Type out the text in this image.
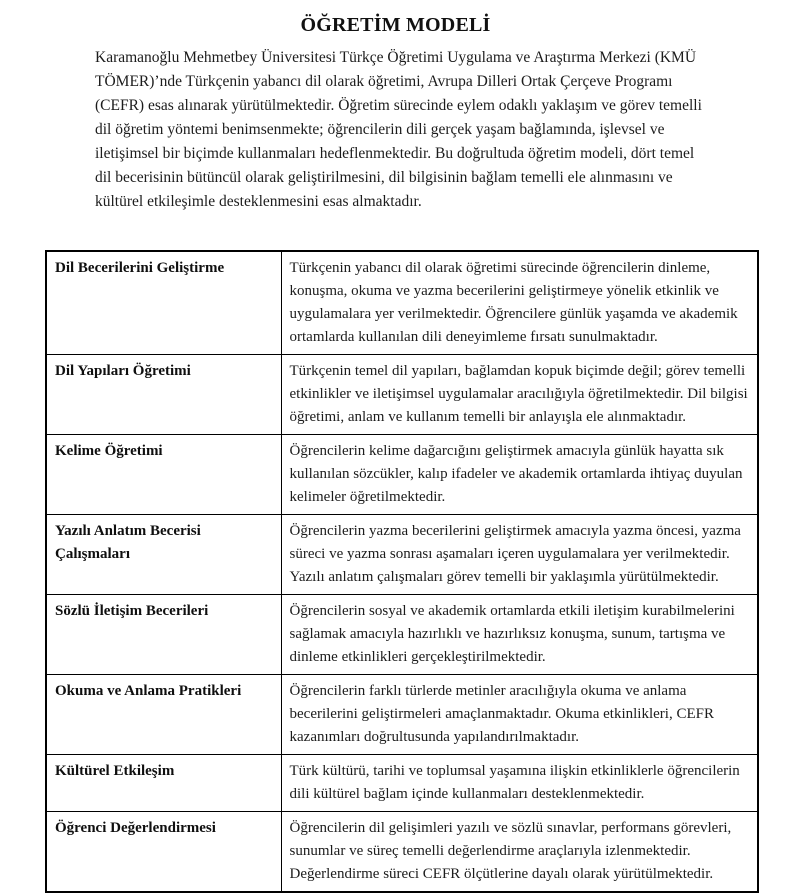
ÖĞRETİM MODELİ

Karamanoğlu Mehmetbey Üniversitesi Türkçe Öğretimi Uygulama ve Araştırma Merkezi (KMÜ TÖMER)’nde Türkçenin yabancı dil olarak öğretimi, Avrupa Dilleri Ortak Çerçeve Programı (CEFR) esas alınarak yürütülmektedir. Öğretim sürecinde eylem odaklı yaklaşım ve görev temelli dil öğretim yöntemi benimsenmekte; öğrencilerin dili gerçek yaşam bağlamında, işlevsel ve iletişimsel bir biçimde kullanmaları hedeflenmektedir. Bu doğrultuda öğretim modeli, dört temel dil becerisinin bütüncül olarak geliştirilmesini, dil bilgisinin bağlam temelli ele alınmasını ve kültürel etkileşimle desteklenmesini esas almaktadır.

Dil Becerilerini Geliştirme	Türkçenin yabancı dil olarak öğretimi sürecinde öğrencilerin dinleme, konuşma, okuma ve yazma becerilerini geliştirmeye yönelik etkinlik ve uygulamalara yer verilmektedir. Öğrencilere günlük yaşamda ve akademik ortamlarda kullanılan dili deneyimleme fırsatı sunulmaktadır.
Dil Yapıları Öğretimi	Türkçenin temel dil yapıları, bağlamdan kopuk biçimde değil; görev temelli etkinlikler ve iletişimsel uygulamalar aracılığıyla öğretilmektedir. Dil bilgisi öğretimi, anlam ve kullanım temelli bir anlayışla ele alınmaktadır.
Kelime Öğretimi	Öğrencilerin kelime dağarcığını geliştirmek amacıyla günlük hayatta sık kullanılan sözcükler, kalıp ifadeler ve akademik ortamlarda ihtiyaç duyulan kelimeler öğretilmektedir.
Yazılı Anlatım Becerisi Çalışmaları	Öğrencilerin yazma becerilerini geliştirmek amacıyla yazma öncesi, yazma süreci ve yazma sonrası aşamaları içeren uygulamalara yer verilmektedir. Yazılı anlatım çalışmaları görev temelli bir yaklaşımla yürütülmektedir.
Sözlü İletişim Becerileri	Öğrencilerin sosyal ve akademik ortamlarda etkili iletişim kurabilmelerini sağlamak amacıyla hazırlıklı ve hazırlıksız konuşma, sunum, tartışma ve dinleme etkinlikleri gerçekleştirilmektedir.
Okuma ve Anlama Pratikleri	Öğrencilerin farklı türlerde metinler aracılığıyla okuma ve anlama becerilerini geliştirmeleri amaçlanmaktadır. Okuma etkinlikleri, CEFR kazanımları doğrultusunda yapılandırılmaktadır.
Kültürel Etkileşim	Türk kültürü, tarihi ve toplumsal yaşamına ilişkin etkinliklerle öğrencilerin dili kültürel bağlam içinde kullanmaları desteklenmektedir.
Öğrenci Değerlendirmesi	Öğrencilerin dil gelişimleri yazılı ve sözlü sınavlar, performans görevleri, sunumlar ve süreç temelli değerlendirme araçlarıyla izlenmektedir. Değerlendirme süreci CEFR ölçütlerine dayalı olarak yürütülmektedir.
